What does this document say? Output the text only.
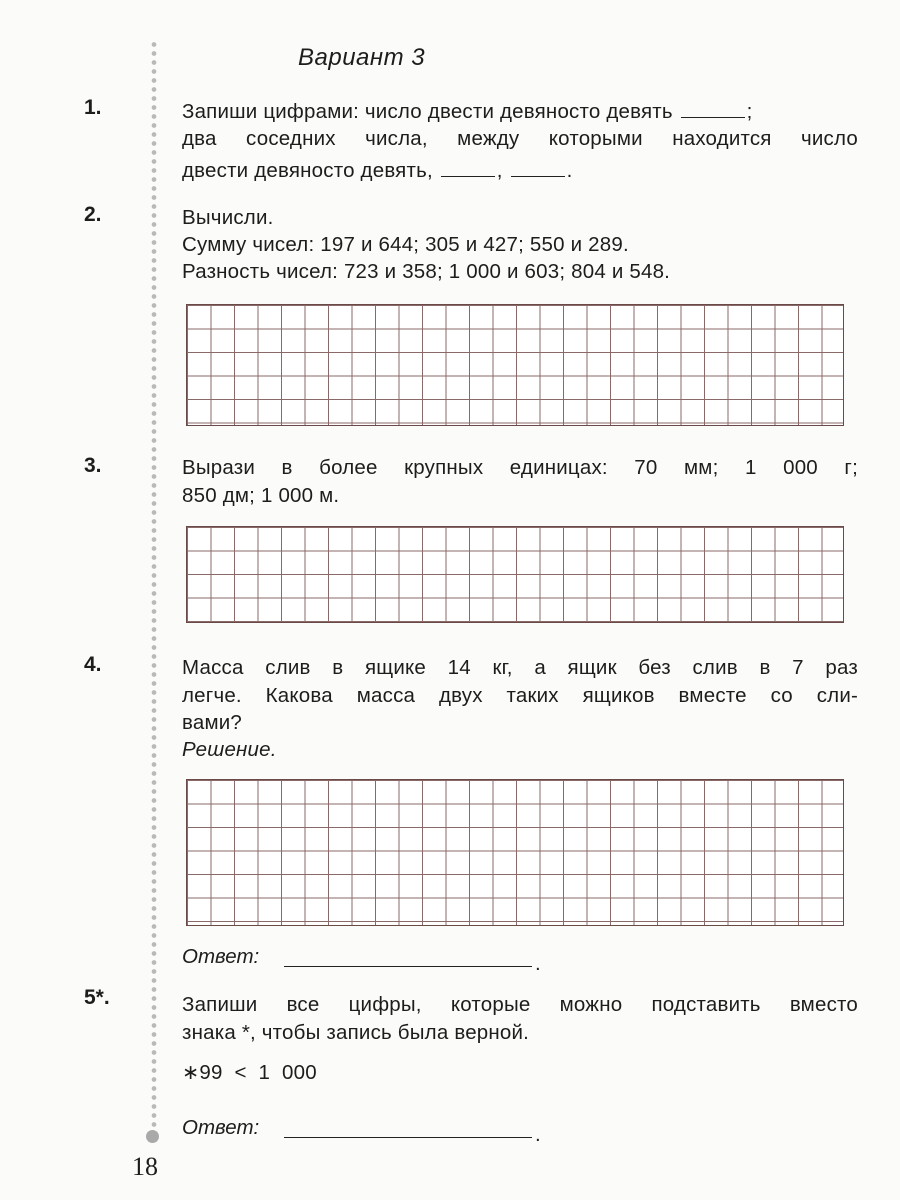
Вариант 3
1.	Запиши цифрами: число двести девяносто девять	;
два соседних числа, между которыми находится число
двести девяносто девять,	,	.
2.	Вычисли.
Сумму чисел: 197 и 644; 305 и 427; 550 и 289.
Разность чисел: 723 и 358; 1 000 и 603; 804 и 548.
3.	Вырази в более крупных единицах: 70 мм; 1 000 г;
850 дм; 1 000 м.
4.	Масса слив в ящике 14 кг, а ящик без слив в 7 раз
легче. Какова масса двух таких ящиков вместе со сли-
вами?
Решение.
Ответ:	.
5*.	Запиши все цифры, которые можно подставить вместо
знака *, чтобы запись была верной.
∗99 < 1 000
Ответ:	.
18
